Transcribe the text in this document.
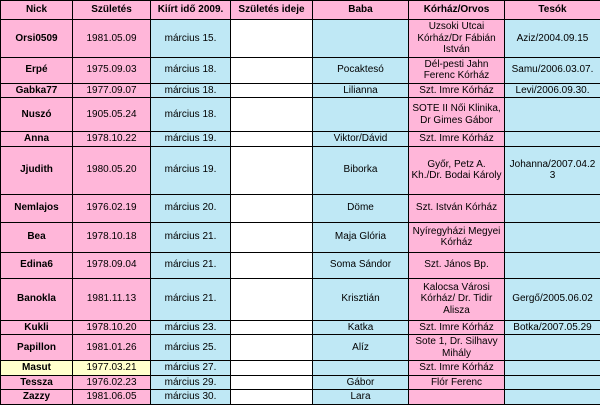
Nick	Születés	Kiírt idő 2009.	Születés ideje	Baba	Kórház/Orvos	Tesók
Orsi0509	1981.05.09	március 15.			Uzsoki Utcai Kórház/Dr Fábián István	Aziz/2004.09.15
Erpé	1975.09.03	március 18.		Pocaktesó	Dél-pesti Jahn Ferenc Kórház	Samu/2006.03.07.
Gabka77	1977.09.07	március 18.		Lilianna	Szt. Imre Kórház	Levi/2006.09.30.
Nuszó	1905.05.24	március 18.			SOTE II Női Klinika, Dr Gimes Gábor	
Anna	1978.10.22	március 19.		Viktor/Dávid	Szt. Imre Kórház	
Jjudith	1980.05.20	március 19.		Biborka	Győr, Petz A. Kh./Dr. Bodai Károly	Johanna/2007.04.23
Nemlajos	1976.02.19	március 20.		Döme	Szt. István Kórház	
Bea	1978.10.18	március 21.		Maja Glória	Nyíregyházi Megyei Kórház	
Edina6	1978.09.04	március 21.		Soma Sándor	Szt. János Bp.	
Banokla	1981.11.13	március 21.		Krisztián	Kalocsa Városi Kórház/ Dr. Tidir Alisza	Gergő/2005.06.02
Kukli	1978.10.20	március 23.		Katka	Szt. Imre Kórház	Botka/2007.05.29
Papillon	1981.01.26	március 25.		Alíz	Sote 1, Dr. Silhavy Mihály	
Masut	1977.03.21	március 27.			Szt. Imre Kórház	
Tessza	1976.02.23	március 29.		Gábor	Flór Ferenc	
Zazzy	1981.06.05	március 30.		Lara		
